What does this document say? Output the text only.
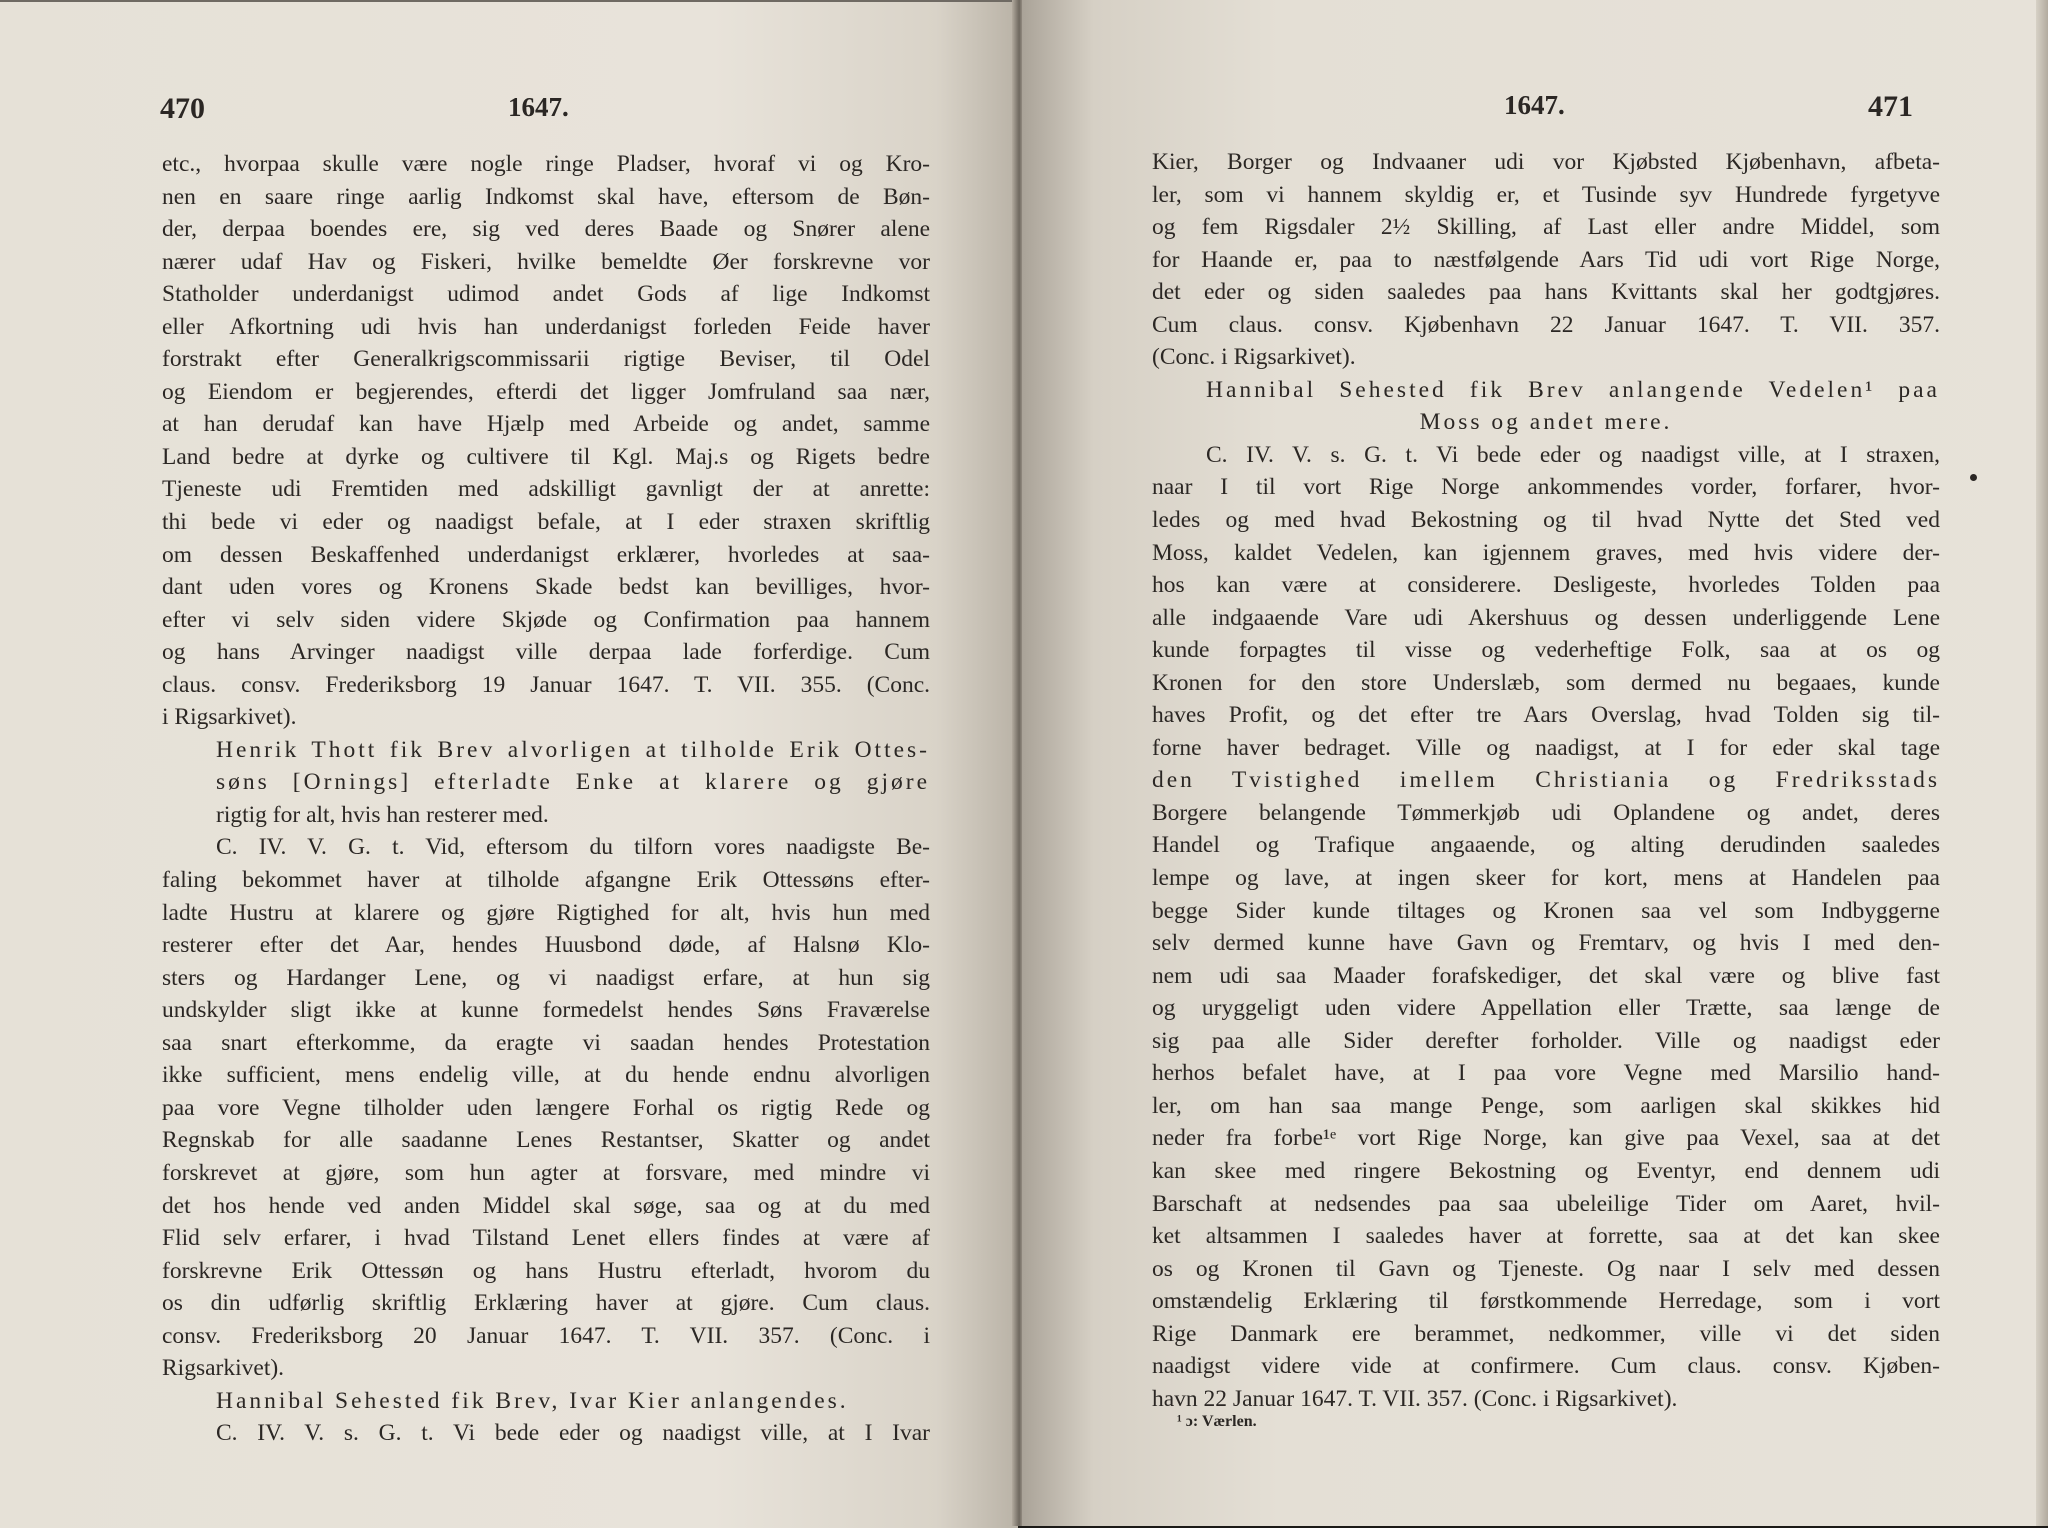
470	1647.
etc., hvorpaa skulle være nogle ringe Pladser, hvoraf vi og Kro-
nen en saare ringe aarlig Indkomst skal have, eftersom de Bøn-
der, derpaa boendes ere, sig ved deres Baade og Snører alene
nærer udaf Hav og Fiskeri, hvilke bemeldte Øer forskrevne vor
Statholder underdanigst udimod andet Gods af lige Indkomst
eller Afkortning udi hvis han underdanigst forleden Feide haver
forstrakt efter Generalkrigscommissarii rigtige Beviser, til Odel
og Eiendom er begjerendes, efterdi det ligger Jomfruland saa nær,
at han derudaf kan have Hjælp med Arbeide og andet, samme
Land bedre at dyrke og cultivere til Kgl. Maj.s og Rigets bedre
Tjeneste udi Fremtiden med adskilligt gavnligt der at anrette:
thi bede vi eder og naadigst befale, at I eder straxen skriftlig
om dessen Beskaffenhed underdanigst erklærer, hvorledes at saa-
dant uden vores og Kronens Skade bedst kan bevilliges, hvor-
efter vi selv siden videre Skjøde og Confirmation paa hannem
og hans Arvinger naadigst ville derpaa lade forferdige. Cum
claus. consv. Frederiksborg 19 Januar 1647. T. VII. 355. (Conc.
i Rigsarkivet).
Henrik Thott fik Brev alvorligen at tilholde Erik Ottes-
søns [Ornings] efterladte Enke at klarere og gjøre
rigtig for alt, hvis han resterer med.
C. IV. V. G. t. Vid, eftersom du tilforn vores naadigste Be-
faling bekommet haver at tilholde afgangne Erik Ottessøns efter-
ladte Hustru at klarere og gjøre Rigtighed for alt, hvis hun med
resterer efter det Aar, hendes Huusbond døde, af Halsnø Klo-
sters og Hardanger Lene, og vi naadigst erfare, at hun sig
undskylder sligt ikke at kunne formedelst hendes Søns Fraværelse
saa snart efterkomme, da eragte vi saadan hendes Protestation
ikke sufficient, mens endelig ville, at du hende endnu alvorligen
paa vore Vegne tilholder uden længere Forhal os rigtig Rede og
Regnskab for alle saadanne Lenes Restantser, Skatter og andet
forskrevet at gjøre, som hun agter at forsvare, med mindre vi
det hos hende ved anden Middel skal søge, saa og at du med
Flid selv erfarer, i hvad Tilstand Lenet ellers findes at være af
forskrevne Erik Ottessøn og hans Hustru efterladt, hvorom du
os din udførlig skriftlig Erklæring haver at gjøre. Cum claus.
consv. Frederiksborg 20 Januar 1647. T. VII. 357. (Conc. i
Rigsarkivet).
Hannibal Sehested fik Brev, Ivar Kier anlangendes.
C. IV. V. s. G. t. Vi bede eder og naadigst ville, at I Ivar
1647.	471
Kier, Borger og Indvaaner udi vor Kjøbsted Kjøbenhavn, afbeta-
ler, som vi hannem skyldig er, et Tusinde syv Hundrede fyrgetyve
og fem Rigsdaler 2½ Skilling, af Last eller andre Middel, som
for Haande er, paa to næstfølgende Aars Tid udi vort Rige Norge,
det eder og siden saaledes paa hans Kvittants skal her godtgjøres.
Cum claus. consv. Kjøbenhavn 22 Januar 1647. T. VII. 357.
(Conc. i Rigsarkivet).
Hannibal Sehested fik Brev anlangende Vedelen¹ paa
Moss og andet mere.
C. IV. V. s. G. t. Vi bede eder og naadigst ville, at I straxen,
naar I til vort Rige Norge ankommendes vorder, forfarer, hvor-
ledes og med hvad Bekostning og til hvad Nytte det Sted ved
Moss, kaldet Vedelen, kan igjennem graves, med hvis videre der-
hos kan være at considerere. Desligeste, hvorledes Tolden paa
alle indgaaende Vare udi Akershuus og dessen underliggende Lene
kunde forpagtes til visse og vederheftige Folk, saa at os og
Kronen for den store Underslæb, som dermed nu begaaes, kunde
haves Profit, og det efter tre Aars Overslag, hvad Tolden sig til-
forne haver bedraget. Ville og naadigst, at I for eder skal tage
den Tvistighed imellem Christiania og Fredriksstads
Borgere belangende Tømmerkjøb udi Oplandene og andet, deres
Handel og Trafique angaaende, og alting derudinden saaledes
lempe og lave, at ingen skeer for kort, mens at Handelen paa
begge Sider kunde tiltages og Kronen saa vel som Indbyggerne
selv dermed kunne have Gavn og Fremtarv, og hvis I med den-
nem udi saa Maader forafskediger, det skal være og blive fast
og uryggeligt uden videre Appellation eller Trætte, saa længe de
sig paa alle Sider derefter forholder. Ville og naadigst eder
herhos befalet have, at I paa vore Vegne med Marsilio hand-
ler, om han saa mange Penge, som aarligen skal skikkes hid
neder fra forbe¹ᵉ vort Rige Norge, kan give paa Vexel, saa at det
kan skee med ringere Bekostning og Eventyr, end dennem udi
Barschaft at nedsendes paa saa ubeleilige Tider om Aaret, hvil-
ket altsammen I saaledes haver at forrette, saa at det kan skee
os og Kronen til Gavn og Tjeneste. Og naar I selv med dessen
omstændelig Erklæring til førstkommende Herredage, som i vort
Rige Danmark ere berammet, nedkommer, ville vi det siden
naadigst videre vide at confirmere. Cum claus. consv. Kjøben-
havn 22 Januar 1647. T. VII. 357. (Conc. i Rigsarkivet).
¹ ɔ: Værlen.
